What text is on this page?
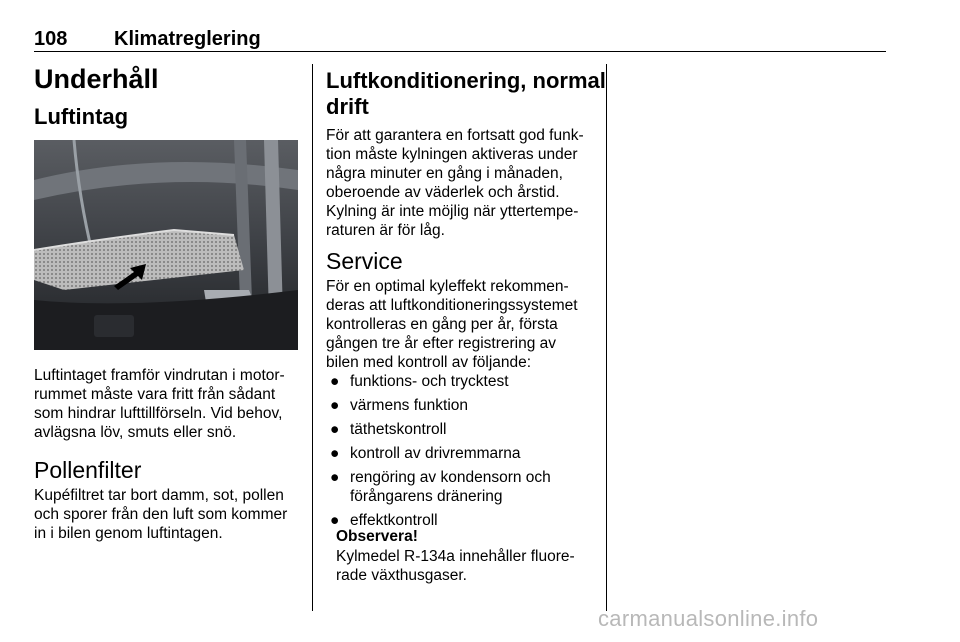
108 Klimatreglering
Underhåll
Luftintag
Luftintaget framför vindrutan i motor-
rummet måste vara fritt från sådant
som hindrar lufttillförseln. Vid behov,
avlägsna löv, smuts eller snö.
Pollenfilter
Kupéfiltret tar bort damm, sot, pollen
och sporer från den luft som kommer
in i bilen genom luftintagen.
Luftkonditionering, normal
drift
För att garantera en fortsatt god funk-
tion måste kylningen aktiveras under
några minuter en gång i månaden,
oberoende av väderlek och årstid.
Kylning är inte möjlig när yttertempe-
raturen är för låg.
Service
För en optimal kyleffekt rekommen-
deras att luftkonditioneringssystemet
kontrolleras en gång per år, första
gången tre år efter registrering av
bilen med kontroll av följande:
● funktions- och trycktest
● värmens funktion
● täthetskontroll
● kontroll av drivremmarna
● rengöring av kondensorn och förångarens dränering
● effektkontroll
Observera!
Kylmedel R-134a innehåller fluore-
rade växthusgaser.
carmanualsonline.info
